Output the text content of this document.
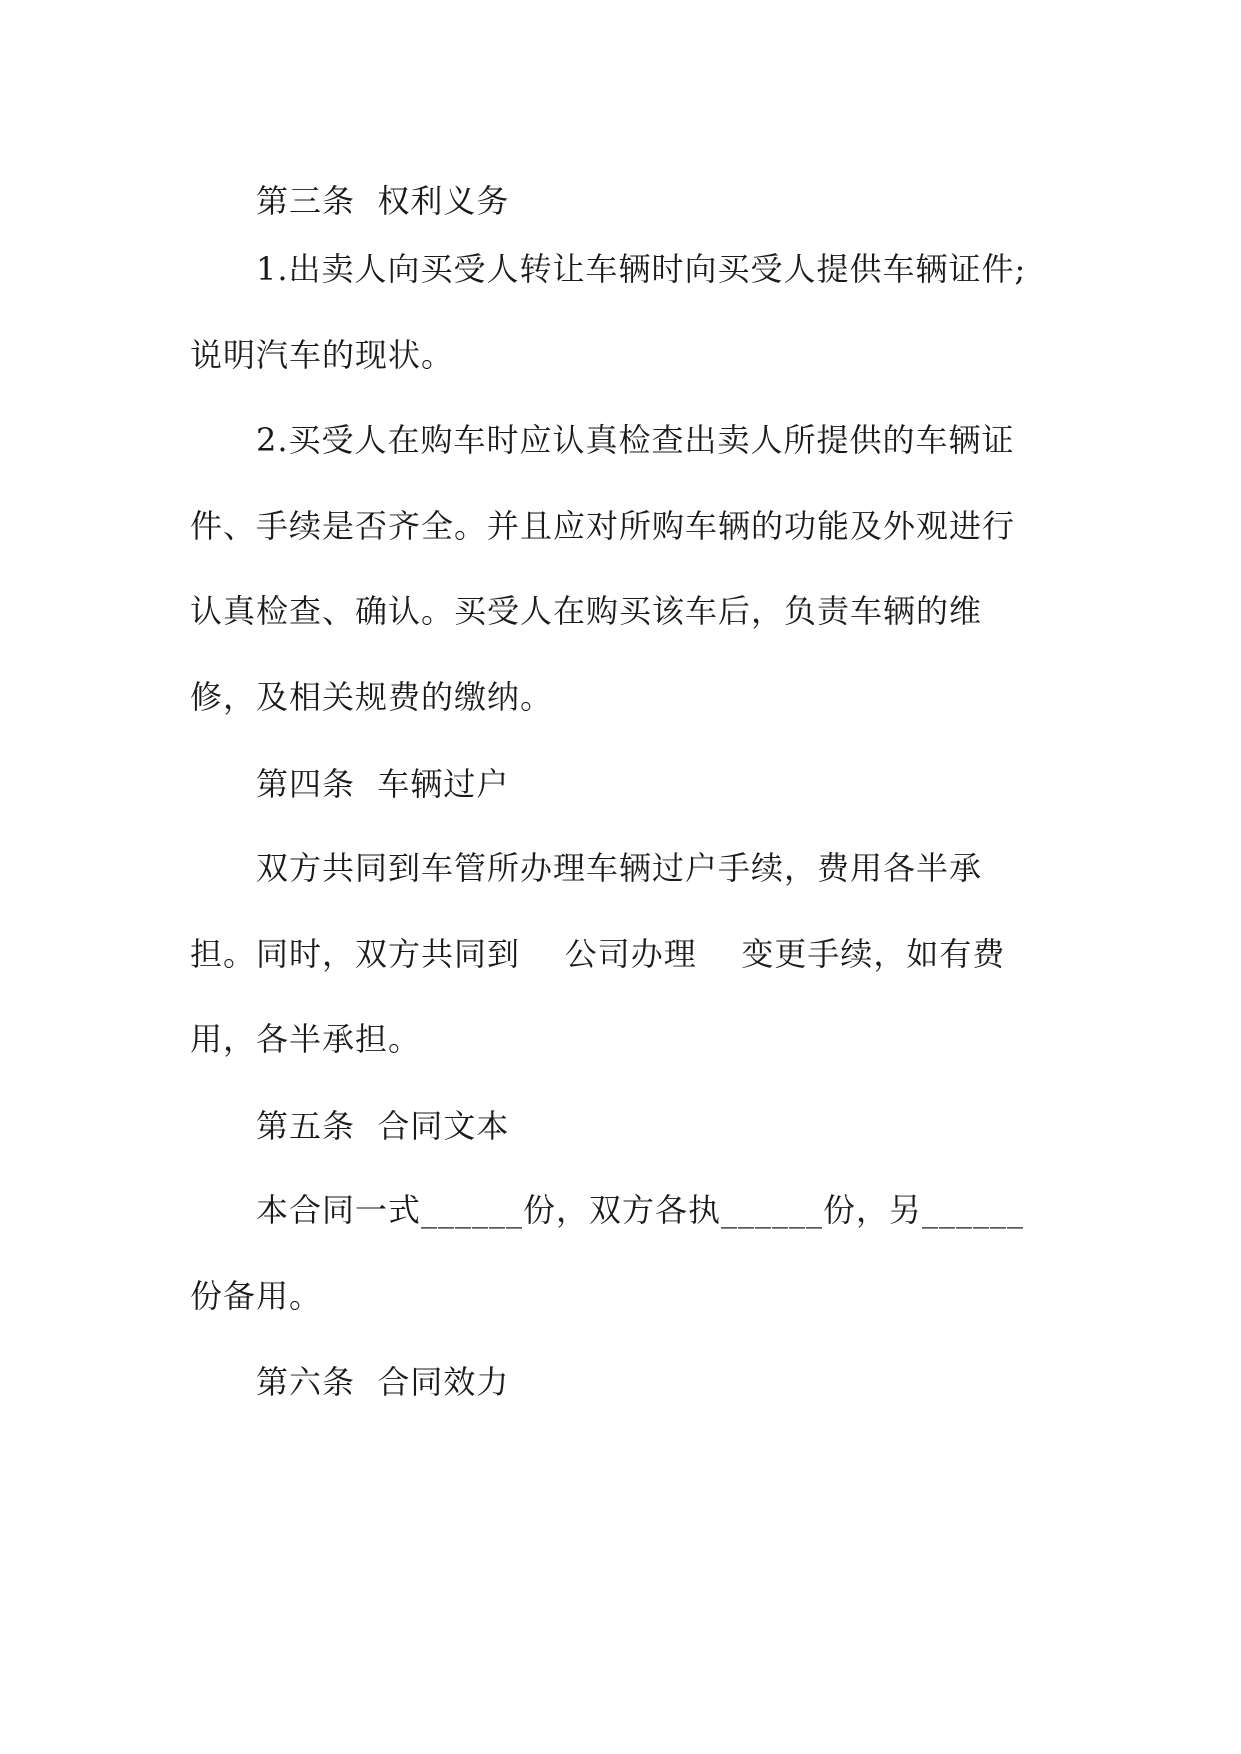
第三条  权利义务
1.出卖人向买受人转让车辆时向买受人提供车辆证件;
说明汽车的现状。
2.买受人在购车时应认真检查出卖人所提供的车辆证
件、手续是否齐全。并且应对所购车辆的功能及外观进行
认真检查、确认。买受人在购买该车后，负责车辆的维
修，及相关规费的缴纳。
第四条  车辆过户
双方共同到车管所办理车辆过户手续，费用各半承
担。同时，双方共同到    公司办理    变更手续，如有费
用，各半承担。
第五条  合同文本
本合同一式______份，双方各执______份，另______
份备用。
第六条  合同效力
